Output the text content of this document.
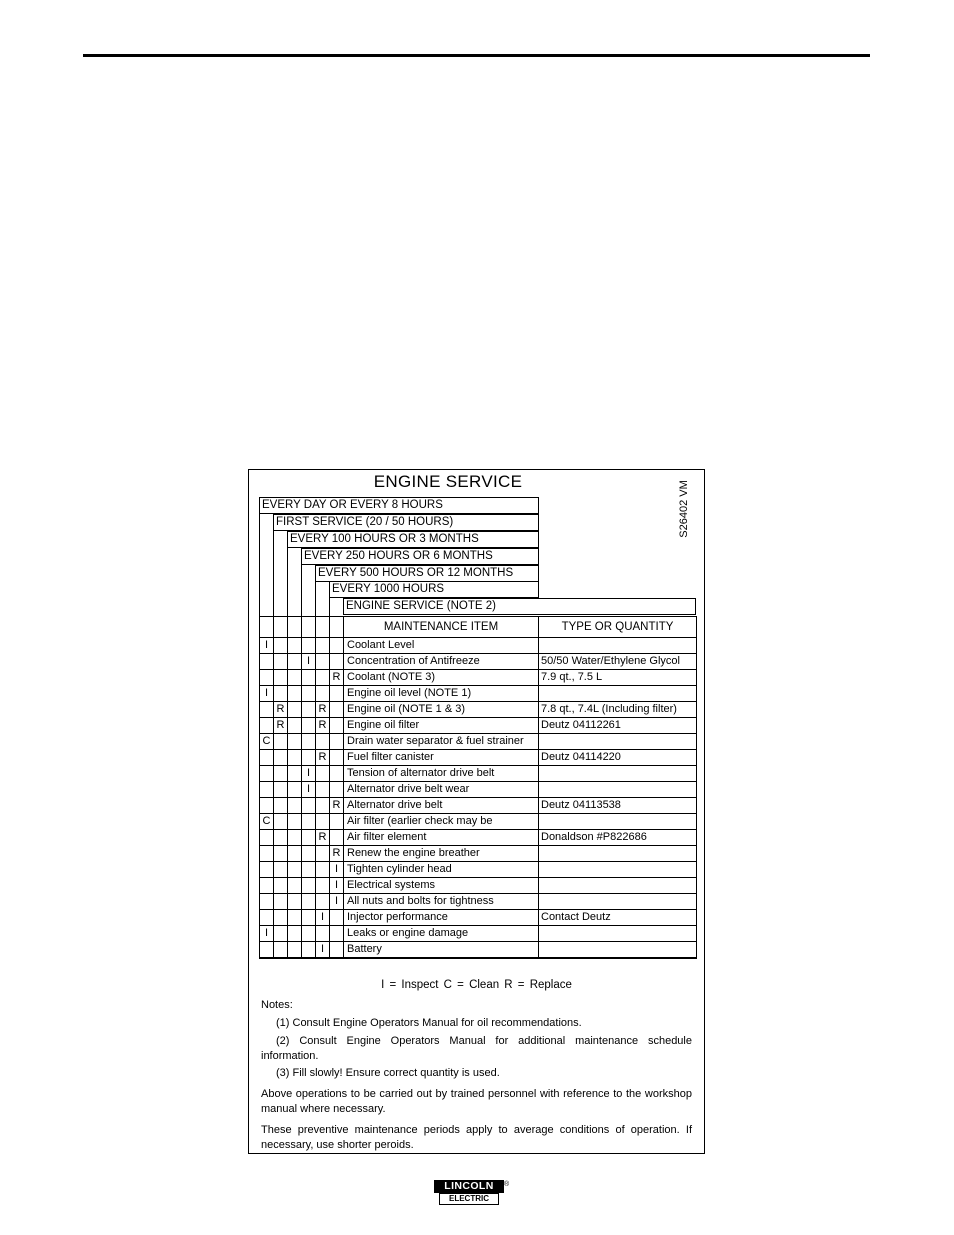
ENGINE SERVICE	S26402 VM
EVERY DAY OR EVERY 8 HOURS
FIRST SERVICE (20 / 50 HOURS)
EVERY 100 HOURS OR 3 MONTHS
EVERY 250 HOURS OR 6 MONTHS
EVERY 500 HOURS OR 12 MONTHS
EVERY 1000 HOURS
ENGINE SERVICE (NOTE 2)
						MAINTENANCE ITEM	TYPE OR QUANTITY
I						Coolant Level	
			I			Concentration of Antifreeze	50/50 Water/Ethylene Glycol
					R	Coolant (NOTE 3)	7.9 qt., 7.5 L
I						Engine oil level (NOTE 1)	
	R			R		Engine oil (NOTE 1 & 3)	7.8 qt., 7.4L (Including filter)
	R			R		Engine oil filter	Deutz 04112261
C						Drain water separator & fuel strainer	
				R		Fuel filter canister	Deutz 04114220
			I			Tension of alternator drive belt	
			I			Alternator drive belt wear	
					R	Alternator drive belt	Deutz 04113538
C						Air filter (earlier check may be	
				R		Air filter element	Donaldson #P822686
					R	Renew the engine breather	
					I	Tighten cylinder head	
					I	Electrical systems	
					I	All nuts and bolts for tightness	
				I		Injector performance	Contact Deutz
I						Leaks or engine damage	
				I		Battery	
I = Inspect C = Clean R = Replace

Notes:

(1) Consult Engine Operators Manual for oil recommendations.

(2) Consult Engine Operators Manual for additional maintenance schedule information.

(3) Fill slowly! Ensure correct quantity is used.

Above operations to be carried out by trained personnel with reference to the workshop manual where necessary.

These preventive maintenance periods apply to average conditions of operation. If necessary, use shorter peroids.

LINCOLN
ELECTRIC
®
